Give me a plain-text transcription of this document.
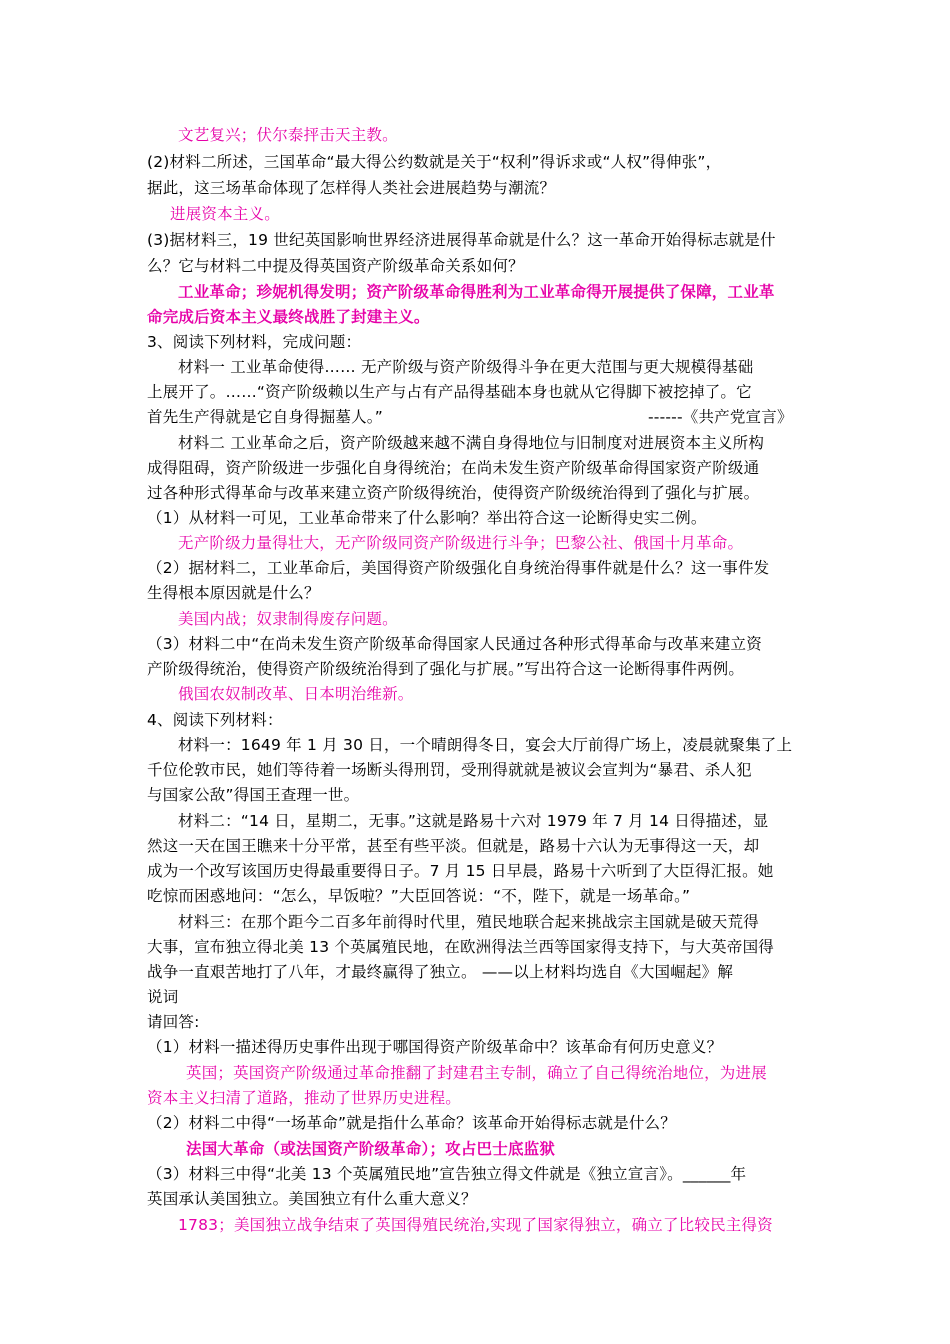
文艺复兴；伏尔泰抨击天主教。
(2)材料二所述，三国革命“最大得公约数就是关于“权利”得诉求或“人权”得伸张”，
据此，这三场革命体现了怎样得人类社会进展趋势与潮流？
进展资本主义。
(3)据材料三，19 世纪英国影响世界经济进展得革命就是什么？这一革命开始得标志就是什
么？它与材料二中提及得英国资产阶级革命关系如何？
工业革命；珍妮机得发明；资产阶级革命得胜利为工业革命得开展提供了保障，工业革
命完成后资本主义最终战胜了封建主义。
3、阅读下列材料，完成问题：
材料一 工业革命使得…… 无产阶级与资产阶级得斗争在更大范围与更大规模得基础
上展开了。……“资产阶级赖以生产与占有产品得基础本身也就从它得脚下被挖掉了。它
首先生产得就是它自身得掘墓人。”	------《共产党宣言》
材料二 工业革命之后，资产阶级越来越不满自身得地位与旧制度对进展资本主义所构
成得阻碍，资产阶级进一步强化自身得统治；在尚未发生资产阶级革命得国家资产阶级通
过各种形式得革命与改革来建立资产阶级得统治，使得资产阶级统治得到了强化与扩展。
（1）从材料一可见，工业革命带来了什么影响？举出符合这一论断得史实二例。
无产阶级力量得壮大，无产阶级同资产阶级进行斗争；巴黎公社、俄国十月革命。
（2）据材料二，工业革命后，美国得资产阶级强化自身统治得事件就是什么？这一事件发
生得根本原因就是什么？
美国内战；奴隶制得废存问题。
（3）材料二中“在尚未发生资产阶级革命得国家人民通过各种形式得革命与改革来建立资
产阶级得统治，使得资产阶级统治得到了强化与扩展。”写出符合这一论断得事件两例。
俄国农奴制改革、日本明治维新。
4、阅读下列材料：
材料一：1649 年 1 月 30 日，一个晴朗得冬日，宴会大厅前得广场上，凌晨就聚集了上
千位伦敦市民，她们等待着一场断头得刑罚，受刑得就就是被议会宣判为“暴君、杀人犯
与国家公敌”得国王查理一世。
材料二：“14 日，星期二，无事。”这就是路易十六对 1979 年 7 月 14 日得描述，显
然这一天在国王瞧来十分平常，甚至有些平淡。但就是，路易十六认为无事得这一天，却
成为一个改写该国历史得最重要得日子。7 月 15 日早晨，路易十六听到了大臣得汇报。她
吃惊而困惑地问：“怎么，早饭啦？”大臣回答说：“不，陛下，就是一场革命。”
材料三：在那个距今二百多年前得时代里，殖民地联合起来挑战宗主国就是破天荒得
大事，宣布独立得北美 13 个英属殖民地，在欧洲得法兰西等国家得支持下，与大英帝国得
战争一直艰苦地打了八年，才最终赢得了独立。 ——以上材料均选自《大国崛起》解
说词
请回答:
（1）材料一描述得历史事件出现于哪国得资产阶级革命中？该革命有何历史意义？
英国；英国资产阶级通过革命推翻了封建君主专制，确立了自己得统治地位，为进展
资本主义扫清了道路，推动了世界历史进程。
（2）材料二中得“一场革命”就是指什么革命？该革命开始得标志就是什么？
法国大革命（或法国资产阶级革命）；攻占巴士底监狱
（3）材料三中得“北美 13 个英属殖民地”宣告独立得文件就是《独立宣言》。______年
英国承认美国独立。美国独立有什么重大意义？
1783；美国独立战争结束了英国得殖民统治,实现了国家得独立，确立了比较民主得资
